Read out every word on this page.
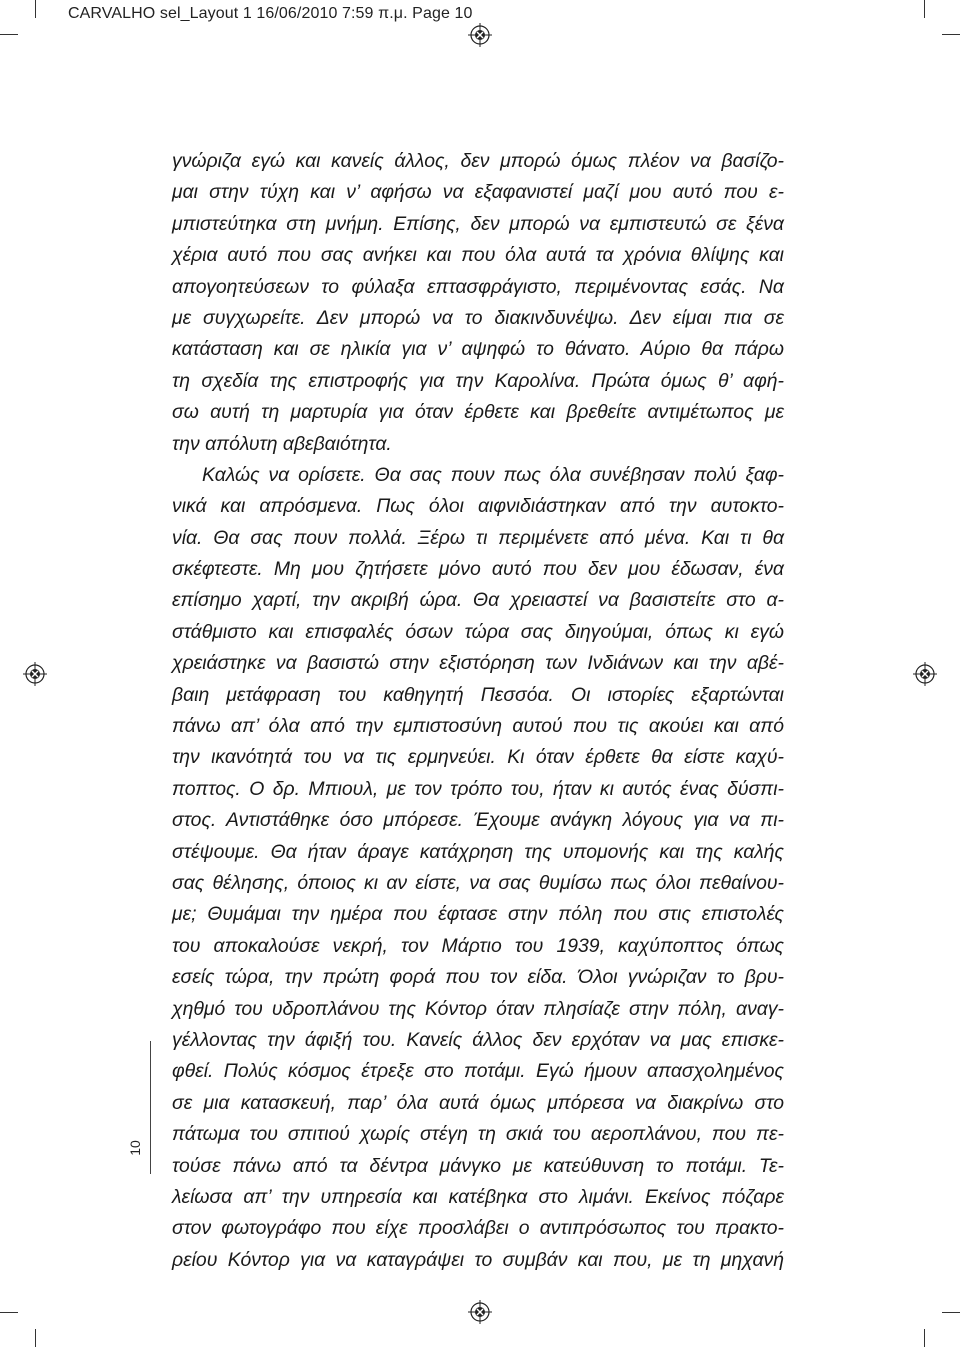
CARVALHO sel_Layout 1 16/06/2010 7:59 π.μ. Page 10
γνώριζα εγώ και κανείς άλλος, δεν μπορώ όμως πλέον να βασίζο-
μαι στην τύχη και ν’ αφήσω να εξαφανιστεί μαζί μου αυτό που ε-
μπιστεύτηκα στη μνήμη. Επίσης, δεν μπορώ να εμπιστευτώ σε ξένα
χέρια αυτό που σας ανήκει και που όλα αυτά τα χρόνια θλίψης και
απογοητεύσεων το φύλαξα επτασφράγιστο, περιμένοντας εσάς. Να
με συγχωρείτε. Δεν μπορώ να το διακινδυνέψω. Δεν είμαι πια σε
κατάσταση και σε ηλικία για ν’ αψηφώ το θάνατο. Αύριο θα πάρω
τη σχεδία της επιστροφής για την Καρολίνα. Πρώτα όμως θ’ αφή-
σω αυτή τη μαρτυρία για όταν έρθετε και βρεθείτε αντιμέτωπος με
την απόλυτη αβεβαιότητα.
Καλώς να ορίσετε. Θα σας πουν πως όλα συνέβησαν πολύ ξαφ-
νικά και απρόσμενα. Πως όλοι αιφνιδιάστηκαν από την αυτοκτο-
νία. Θα σας πουν πολλά. Ξέρω τι περιμένετε από μένα. Και τι θα
σκέφτεστε. Μη μου ζητήσετε μόνο αυτό που δεν μου έδωσαν, ένα
επίσημο χαρτί, την ακριβή ώρα. Θα χρειαστεί να βασιστείτε στο α-
στάθμιστο και επισφαλές όσων τώρα σας διηγούμαι, όπως κι εγώ
χρειάστηκε να βασιστώ στην εξιστόρηση των Ινδιάνων και την αβέ-
βαιη μετάφραση του καθηγητή Πεσσόα. Οι ιστορίες εξαρτώνται
πάνω απ’ όλα από την εμπιστοσύνη αυτού που τις ακούει και από
την ικανότητά του να τις ερμηνεύει. Κι όταν έρθετε θα είστε καχύ-
ποπτος. Ο δρ. Μπιουλ, με τον τρόπο του, ήταν κι αυτός ένας δύσπι-
στος. Αντιστάθηκε όσο μπόρεσε. Έχουμε ανάγκη λόγους για να πι-
στέψουμε. Θα ήταν άραγε κατάχρηση της υπομονής και της καλής
σας θέλησης, όποιος κι αν είστε, να σας θυμίσω πως όλοι πεθαίνου-
με; Θυμάμαι την ημέρα που έφτασε στην πόλη που στις επιστολές
του αποκαλούσε νεκρή, τον Μάρτιο του 1939, καχύποπτος όπως
εσείς τώρα, την πρώτη φορά που τον είδα. Όλοι γνώριζαν το βρυ-
χηθμό του υδροπλάνου της Κόντορ όταν πλησίαζε στην πόλη, αναγ-
γέλλοντας την άφιξή του. Κανείς άλλος δεν ερχόταν να μας επισκε-
φθεί. Πολύς κόσμος έτρεξε στο ποτάμι. Εγώ ήμουν απασχολημένος
σε μια κατασκευή, παρ’ όλα αυτά όμως μπόρεσα να διακρίνω στο
πάτωμα του σπιτιού χωρίς στέγη τη σκιά του αεροπλάνου, που πε-
τούσε πάνω από τα δέντρα μάνγκο με κατεύθυνση το ποτάμι. Τε-
λείωσα απ’ την υπηρεσία και κατέβηκα στο λιμάνι. Εκείνος πόζαρε
στον φωτογράφο που είχε προσλάβει ο αντιπρόσωπος του πρακτο-
ρείου Κόντορ για να καταγράψει το συμβάν και που, με τη μηχανή
10
